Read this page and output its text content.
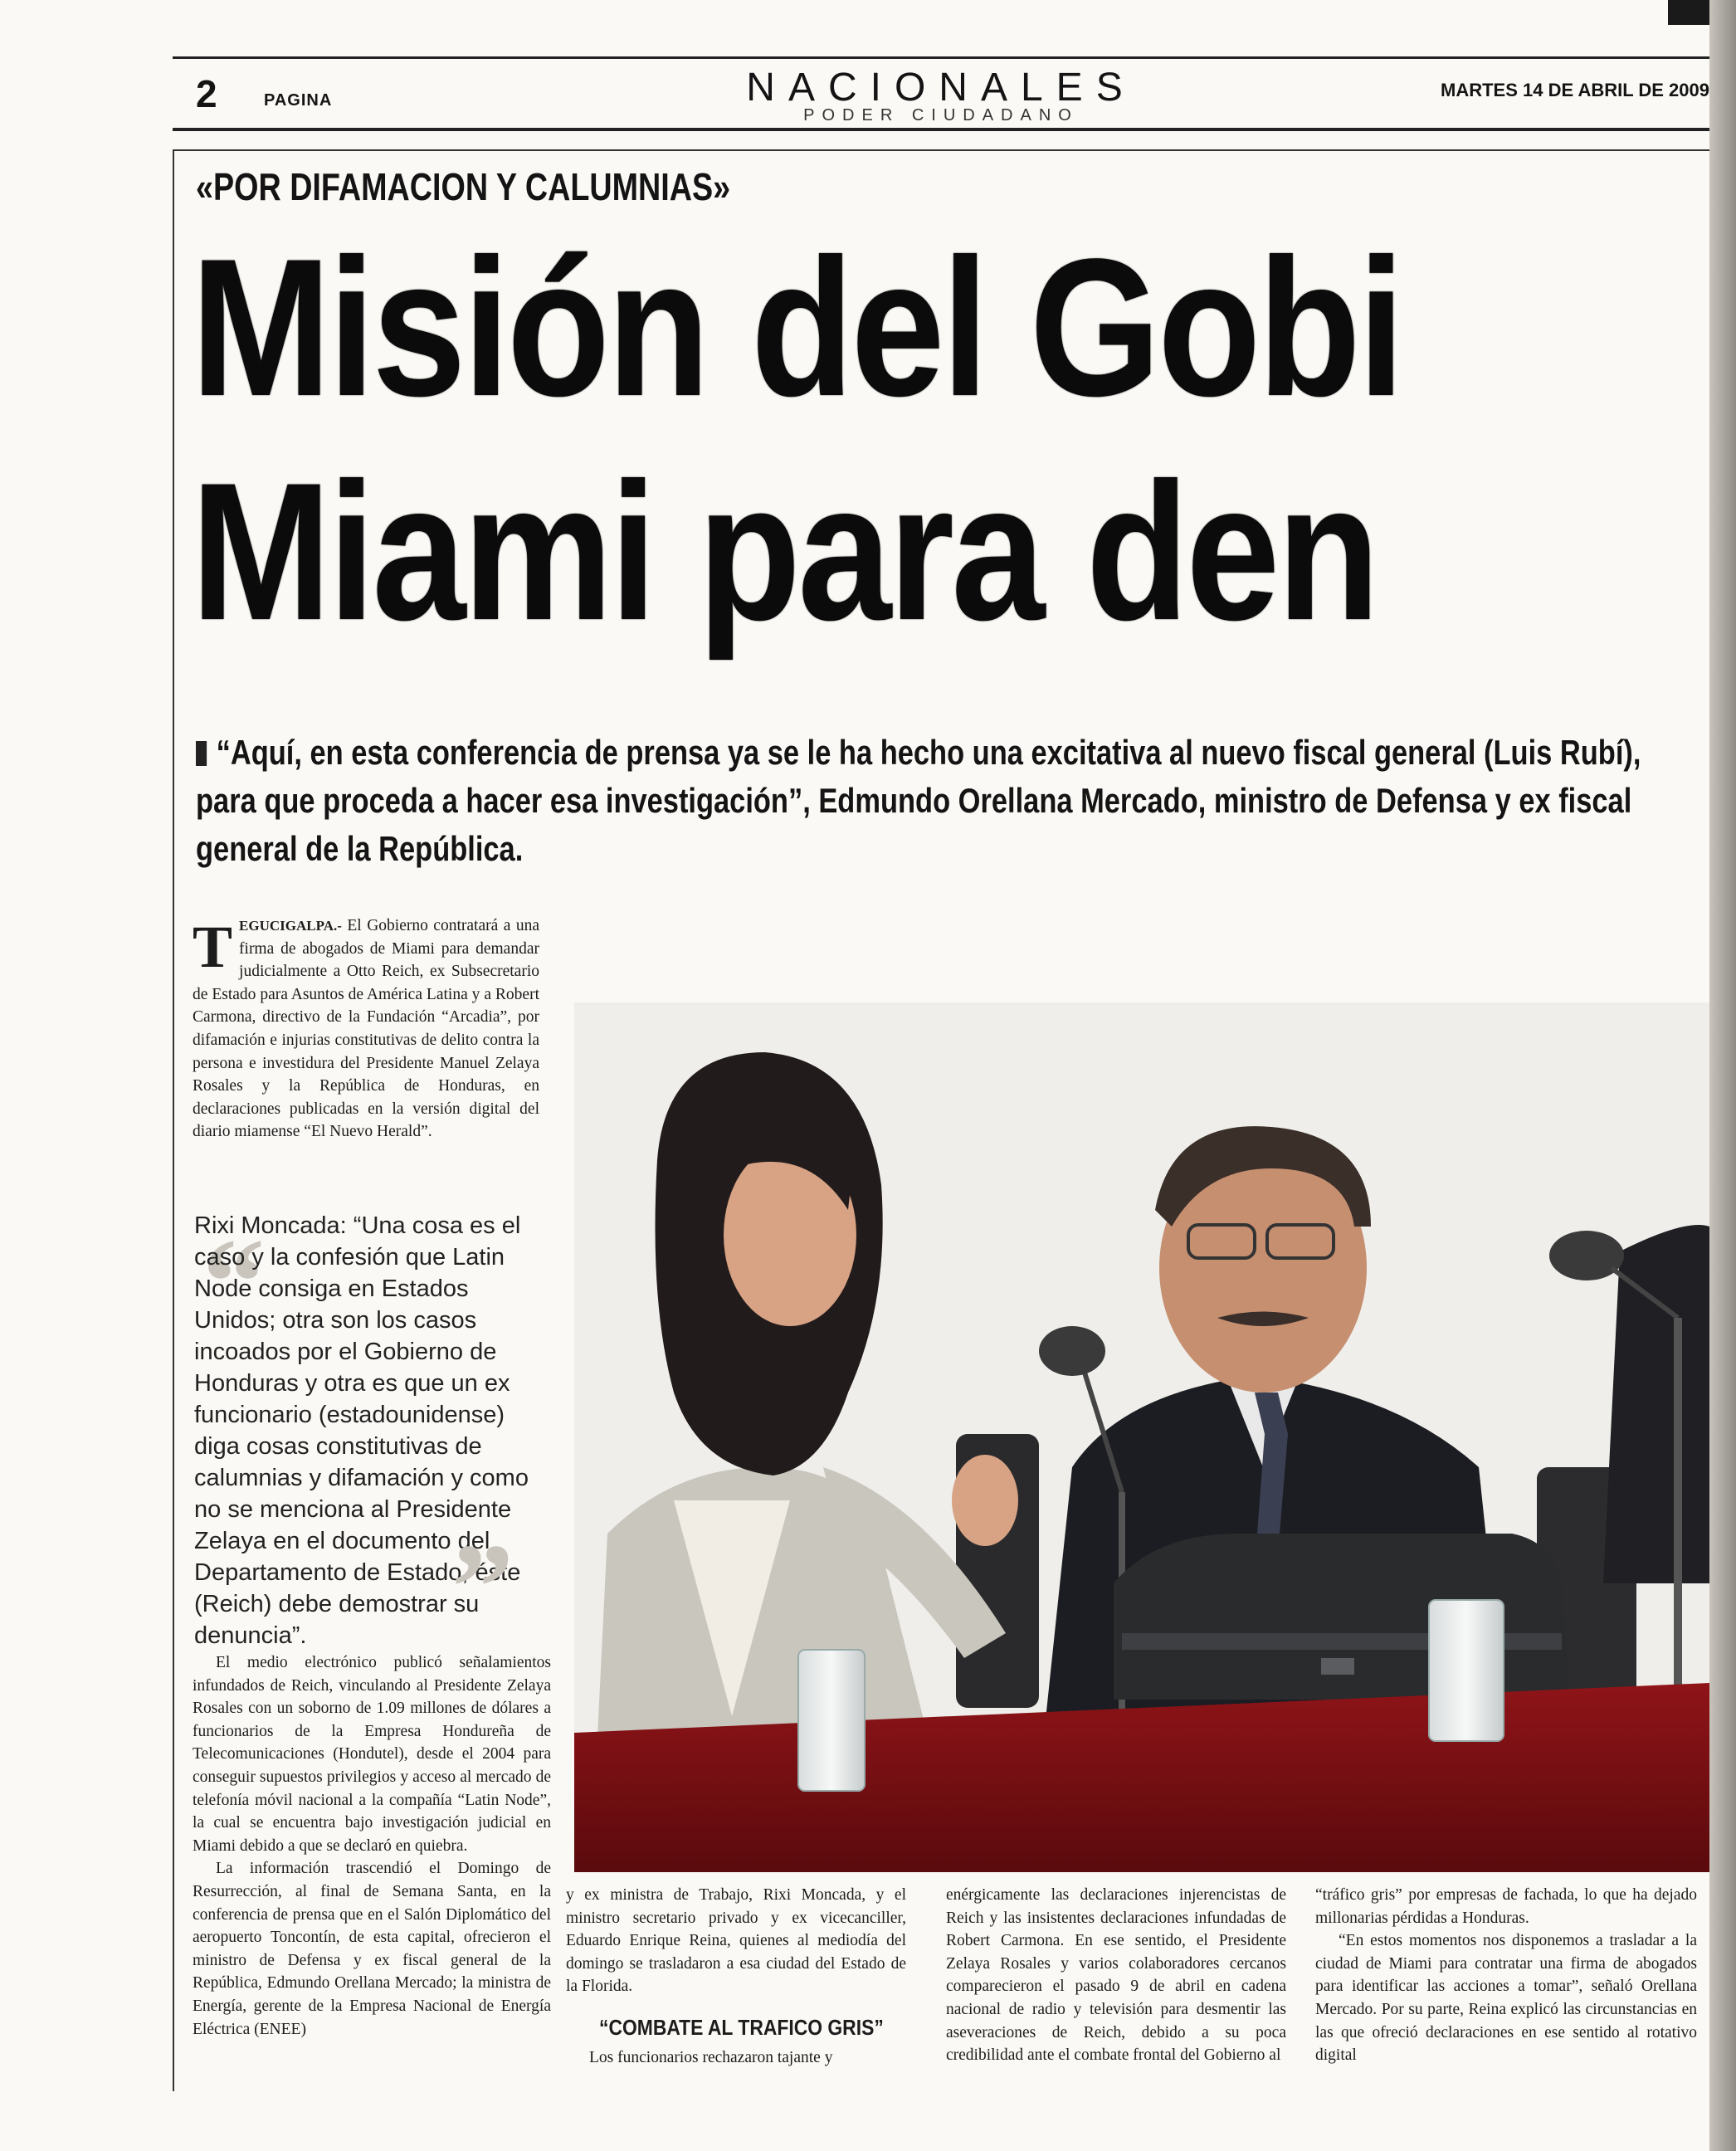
2	PAGINA	NACIONALES
PODER CIUDADANO
MARTES 14 DE ABRIL DE 2009
«POR DIFAMACION Y CALUMNIAS»
Misión del Gobi
Miami para den
“Aquí, en esta conferencia de prensa ya se le ha hecho una excitativa al nuevo fiscal general (Luis Rubí), para que proceda a hacer esa investigación”, Edmundo Orellana Mercado, ministro de Defensa y ex fiscal general de la República.
TEGUCIGALPA.- El Gobierno contratará a una firma de abogados de Miami para demandar judicialmente a Otto Reich, ex Subsecretario de Estado para Asuntos de América Latina y a Robert Carmona, directivo de la Fundación “Arcadia”, por difamación e injurias constitutivas de delito contra la persona e investidura del Presidente Manuel Zelaya Rosales y la República de Honduras, en declaraciones publicadas en la versión digital del diario miamense “El Nuevo Herald”.
“
Rixi Moncada: “Una cosa es el caso y la confesión que Latin Node consiga en Estados Unidos; otra son los casos incoados por el Gobierno de Honduras y otra es que un ex funcionario (estadounidense) diga cosas constitutivas de calumnias y difamación y como no se menciona al Presidente Zelaya en el documento del Departamento de Estado, éste (Reich) debe demostrar su denuncia”.	”

El medio electrónico publicó señalamientos infundados de Reich, vinculando al Presidente Zelaya Rosales con un soborno de 1.09 millones de dólares a funcionarios de la Empresa Hondureña de Telecomunicaciones (Hondutel), desde el 2004 para conseguir supuestos privilegios y acceso al mercado de telefonía móvil nacional a la compañía “Latin Node”, la cual se encuentra bajo investigación judicial en Miami debido a que se declaró en quiebra.

La información trascendió el Domingo de Resurrección, al final de Semana Santa, en la conferencia de prensa que en el Salón Diplomático del aeropuerto Toncontín, de esta capital, ofrecieron el ministro de Defensa y ex fiscal general de la República, Edmundo Orellana Mercado; la ministra de Energía, gerente de la Empresa Nacional de Energía Eléctrica (ENEE)

y ex ministra de Trabajo, Rixi Moncada, y el ministro secretario privado y ex vicecanciller, Eduardo Enrique Reina, quienes al mediodía del domingo se trasladaron a esa ciudad del Estado de la Florida.

“COMBATE AL TRAFICO GRIS”

Los funcionarios rechazaron tajante y

enérgicamente las declaraciones injerencistas de Reich y las insistentes declaraciones infundadas de Robert Carmona. En ese sentido, el Presidente Zelaya Rosales y varios colaboradores cercanos comparecieron el pasado 9 de abril en cadena nacional de radio y televisión para desmentir las aseveraciones de Reich, debido a su poca credibilidad ante el combate frontal del Gobierno al

“tráfico gris” por empresas de fachada, lo que ha dejado millonarias pérdidas a Honduras.

“En estos momentos nos disponemos a trasladar a la ciudad de Miami para contratar una firma de abogados para identificar las acciones a tomar”, señaló Orellana Mercado. Por su parte, Reina explicó las circunstancias en las que ofreció declaraciones en ese sentido al rotativo digital
